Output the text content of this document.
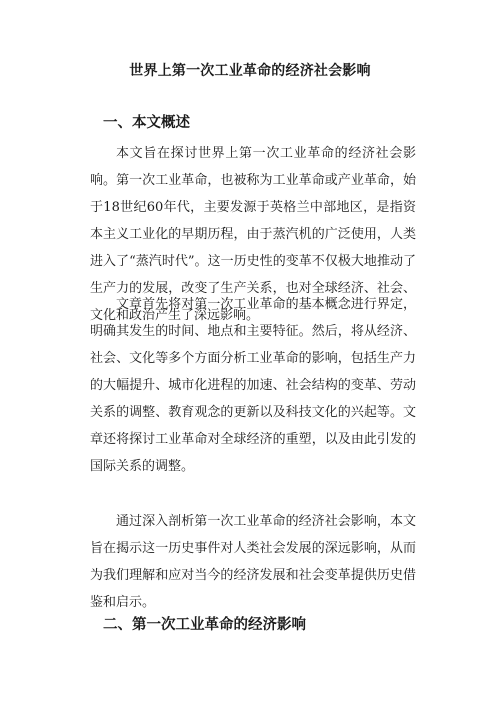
世界上第一次工业革命的经济社会影响
一、本文概述

本文旨在探讨世界上第一次工业革命的经济社会影响。第一次工业革命，也被称为工业革命或产业革命，始于18世纪60年代，主要发源于英格兰中部地区，是指资本主义工业化的早期历程，由于蒸汽机的广泛使用，人类进入了“蒸汽时代”。这一历史性的变革不仅极大地推动了生产力的发展，改变了生产关系，也对全球经济、社会、文化和政治产生了深远影响。

文章首先将对第一次工业革命的基本概念进行界定，明确其发生的时间、地点和主要特征。然后，将从经济、社会、文化等多个方面分析工业革命的影响，包括生产力的大幅提升、城市化进程的加速、社会结构的变革、劳动关系的调整、教育观念的更新以及科技文化的兴起等。文章还将探讨工业革命对全球经济的重塑，以及由此引发的国际关系的调整。

通过深入剖析第一次工业革命的经济社会影响，本文旨在揭示这一历史事件对人类社会发展的深远影响，从而为我们理解和应对当今的经济发展和社会变革提供历史借鉴和启示。

二、第一次工业革命的经济影响
